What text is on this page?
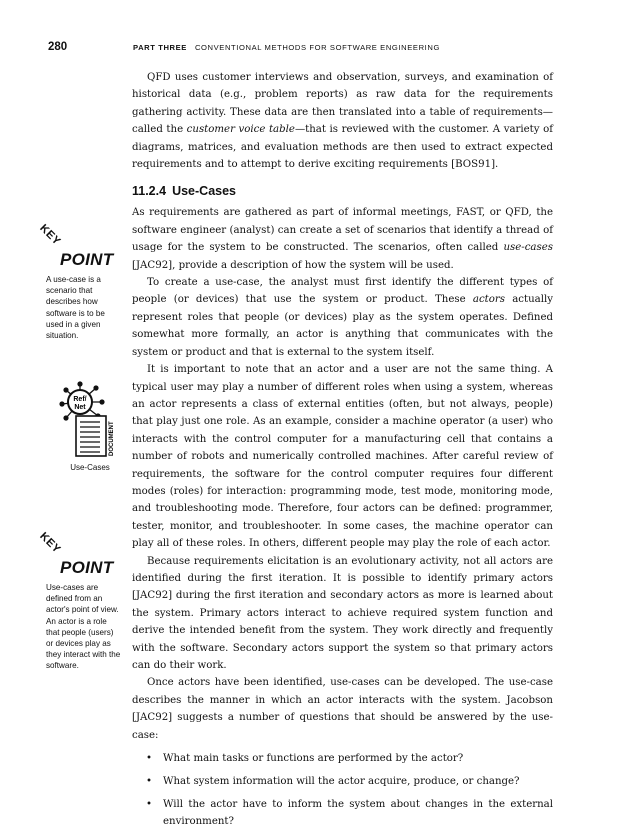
280	PART THREE CONVENTIONAL METHODS FOR SOFTWARE ENGINEERING
KEY
POINT
A use-case is a scenario that describes how software is to be used in a given situation.
Ref/
Net
DOCUMENT
Use-Cases
KEY
POINT
Use-cases are defined from an actor's point of view. An actor is a role that people (users) or devices play as they interact with the software.

QFD uses customer interviews and observation, surveys, and examination of historical data (e.g., problem reports) as raw data for the requirements gathering activity. These data are then translated into a table of requirements—called the customer voice table—that is reviewed with the customer. A variety of diagrams, matrices, and evaluation methods are then used to extract expected requirements and to attempt to derive exciting requirements [BOS91].

11.2.4 Use-Cases

As requirements are gathered as part of informal meetings, FAST, or QFD, the software engineer (analyst) can create a set of scenarios that identify a thread of usage for the system to be constructed. The scenarios, often called use-cases [JAC92], provide a description of how the system will be used.

To create a use-case, the analyst must first identify the different types of people (or devices) that use the system or product. These actors actually represent roles that people (or devices) play as the system operates. Defined somewhat more formally, an actor is anything that communicates with the system or product and that is external to the system itself.

It is important to note that an actor and a user are not the same thing. A typical user may play a number of different roles when using a system, whereas an actor represents a class of external entities (often, but not always, people) that play just one role. As an example, consider a machine operator (a user) who interacts with the control computer for a manufacturing cell that contains a number of robots and numerically controlled machines. After careful review of requirements, the software for the control computer requires four different modes (roles) for interaction: programming mode, test mode, monitoring mode, and troubleshooting mode. Therefore, four actors can be defined: programmer, tester, monitor, and troubleshooter. In some cases, the machine operator can play all of these roles. In others, different people may play the role of each actor.

Because requirements elicitation is an evolutionary activity, not all actors are identified during the first iteration. It is possible to identify primary actors [JAC92] during the first iteration and secondary actors as more is learned about the system. Primary actors interact to achieve required system function and derive the intended benefit from the system. They work directly and frequently with the software. Secondary actors support the system so that primary actors can do their work.

Once actors have been identified, use-cases can be developed. The use-case describes the manner in which an actor interacts with the system. Jacobson [JAC92] suggests a number of questions that should be answered by the use-case:

• What main tasks or functions are performed by the actor?
• What system information will the actor acquire, produce, or change?
• Will the actor have to inform the system about changes in the external environment?
